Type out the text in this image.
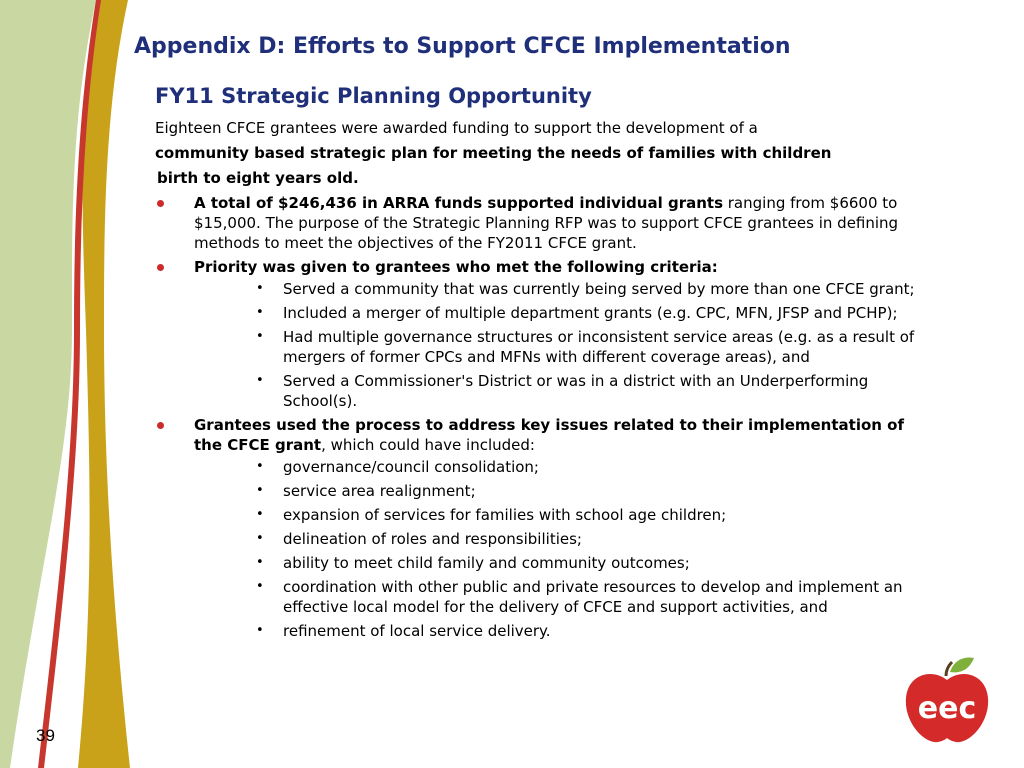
Appendix D: Efforts to Support CFCE Implementation
FY11 Strategic Planning Opportunity

Eighteen CFCE grantees were awarded funding to support the development of a

community based strategic plan for meeting the needs of families with children

birth to eight years old.

A total of $246,436 in ARRA funds supported individual grants ranging from $6600 to $15,000. The purpose of the Strategic Planning RFP was to support CFCE grantees in defining methods to meet the objectives of the FY2011 CFCE grant.
Priority was given to grantees who met the following criteria:
• Served a community that was currently being served by more than one CFCE grant;
• Included a merger of multiple department grants (e.g. CPC, MFN, JFSP and PCHP);
• Had multiple governance structures or inconsistent service areas (e.g. as a result of mergers of former CPCs and MFNs with different coverage areas), and
• Served a Commissioner's District or was in a district with an Underperforming School(s).
Grantees used the process to address key issues related to their implementation of the CFCE grant, which could have included:
• governance/council consolidation;
• service area realignment;
• expansion of services for families with school age children;
• delineation of roles and responsibilities;
• ability to meet child family and community outcomes;
• coordination with other public and private resources to develop and implement an effective local model for the delivery of CFCE and support activities, and
• refinement of local service delivery.
39
eec
